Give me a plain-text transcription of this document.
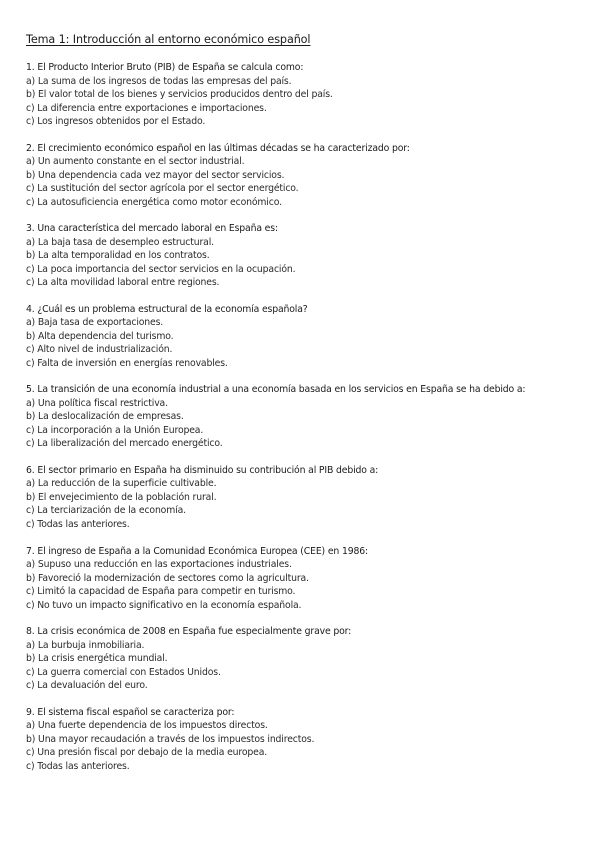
Tema 1: Introducción al entorno económico español
1. El Producto Interior Bruto (PIB) de España se calcula como:
a) La suma de los ingresos de todas las empresas del país.
b) El valor total de los bienes y servicios producidos dentro del país.
c) La diferencia entre exportaciones e importaciones.
c) Los ingresos obtenidos por el Estado.
2. El crecimiento económico español en las últimas décadas se ha caracterizado por:
a) Un aumento constante en el sector industrial.
b) Una dependencia cada vez mayor del sector servicios.
c) La sustitución del sector agrícola por el sector energético.
c) La autosuficiencia energética como motor económico.
3. Una característica del mercado laboral en España es:
a) La baja tasa de desempleo estructural.
b) La alta temporalidad en los contratos.
c) La poca importancia del sector servicios en la ocupación.
c) La alta movilidad laboral entre regiones.
4. ¿Cuál es un problema estructural de la economía española?
a) Baja tasa de exportaciones.
b) Alta dependencia del turismo.
c) Alto nivel de industrialización.
c) Falta de inversión en energías renovables.
5. La transición de una economía industrial a una economía basada en los servicios en España se ha debido a:
a) Una política fiscal restrictiva.
b) La deslocalización de empresas.
c) La incorporación a la Unión Europea.
c) La liberalización del mercado energético.
6. El sector primario en España ha disminuido su contribución al PIB debido a:
a) La reducción de la superficie cultivable.
b) El envejecimiento de la población rural.
c) La terciarización de la economía.
c) Todas las anteriores.
7. El ingreso de España a la Comunidad Económica Europea (CEE) en 1986:
a) Supuso una reducción en las exportaciones industriales.
b) Favoreció la modernización de sectores como la agricultura.
c) Limitó la capacidad de España para competir en turismo.
c) No tuvo un impacto significativo en la economía española.
8. La crisis económica de 2008 en España fue especialmente grave por:
a) La burbuja inmobiliaria.
b) La crisis energética mundial.
c) La guerra comercial con Estados Unidos.
c) La devaluación del euro.
9. El sistema fiscal español se caracteriza por:
a) Una fuerte dependencia de los impuestos directos.
b) Una mayor recaudación a través de los impuestos indirectos.
c) Una presión fiscal por debajo de la media europea.
c) Todas las anteriores.
